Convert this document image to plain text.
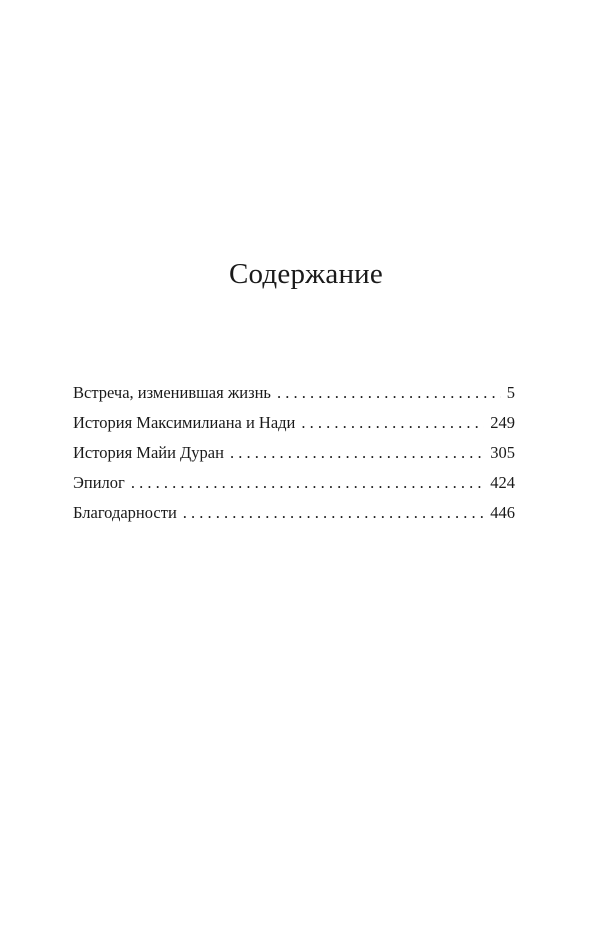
Содержание
Встреча, изменившая жизнь . . .	5
История Максимилиана и Нади . . .	249
История Майи Дуран . . .	305
Эпилог . . .	424
Благодарности . . .	446
